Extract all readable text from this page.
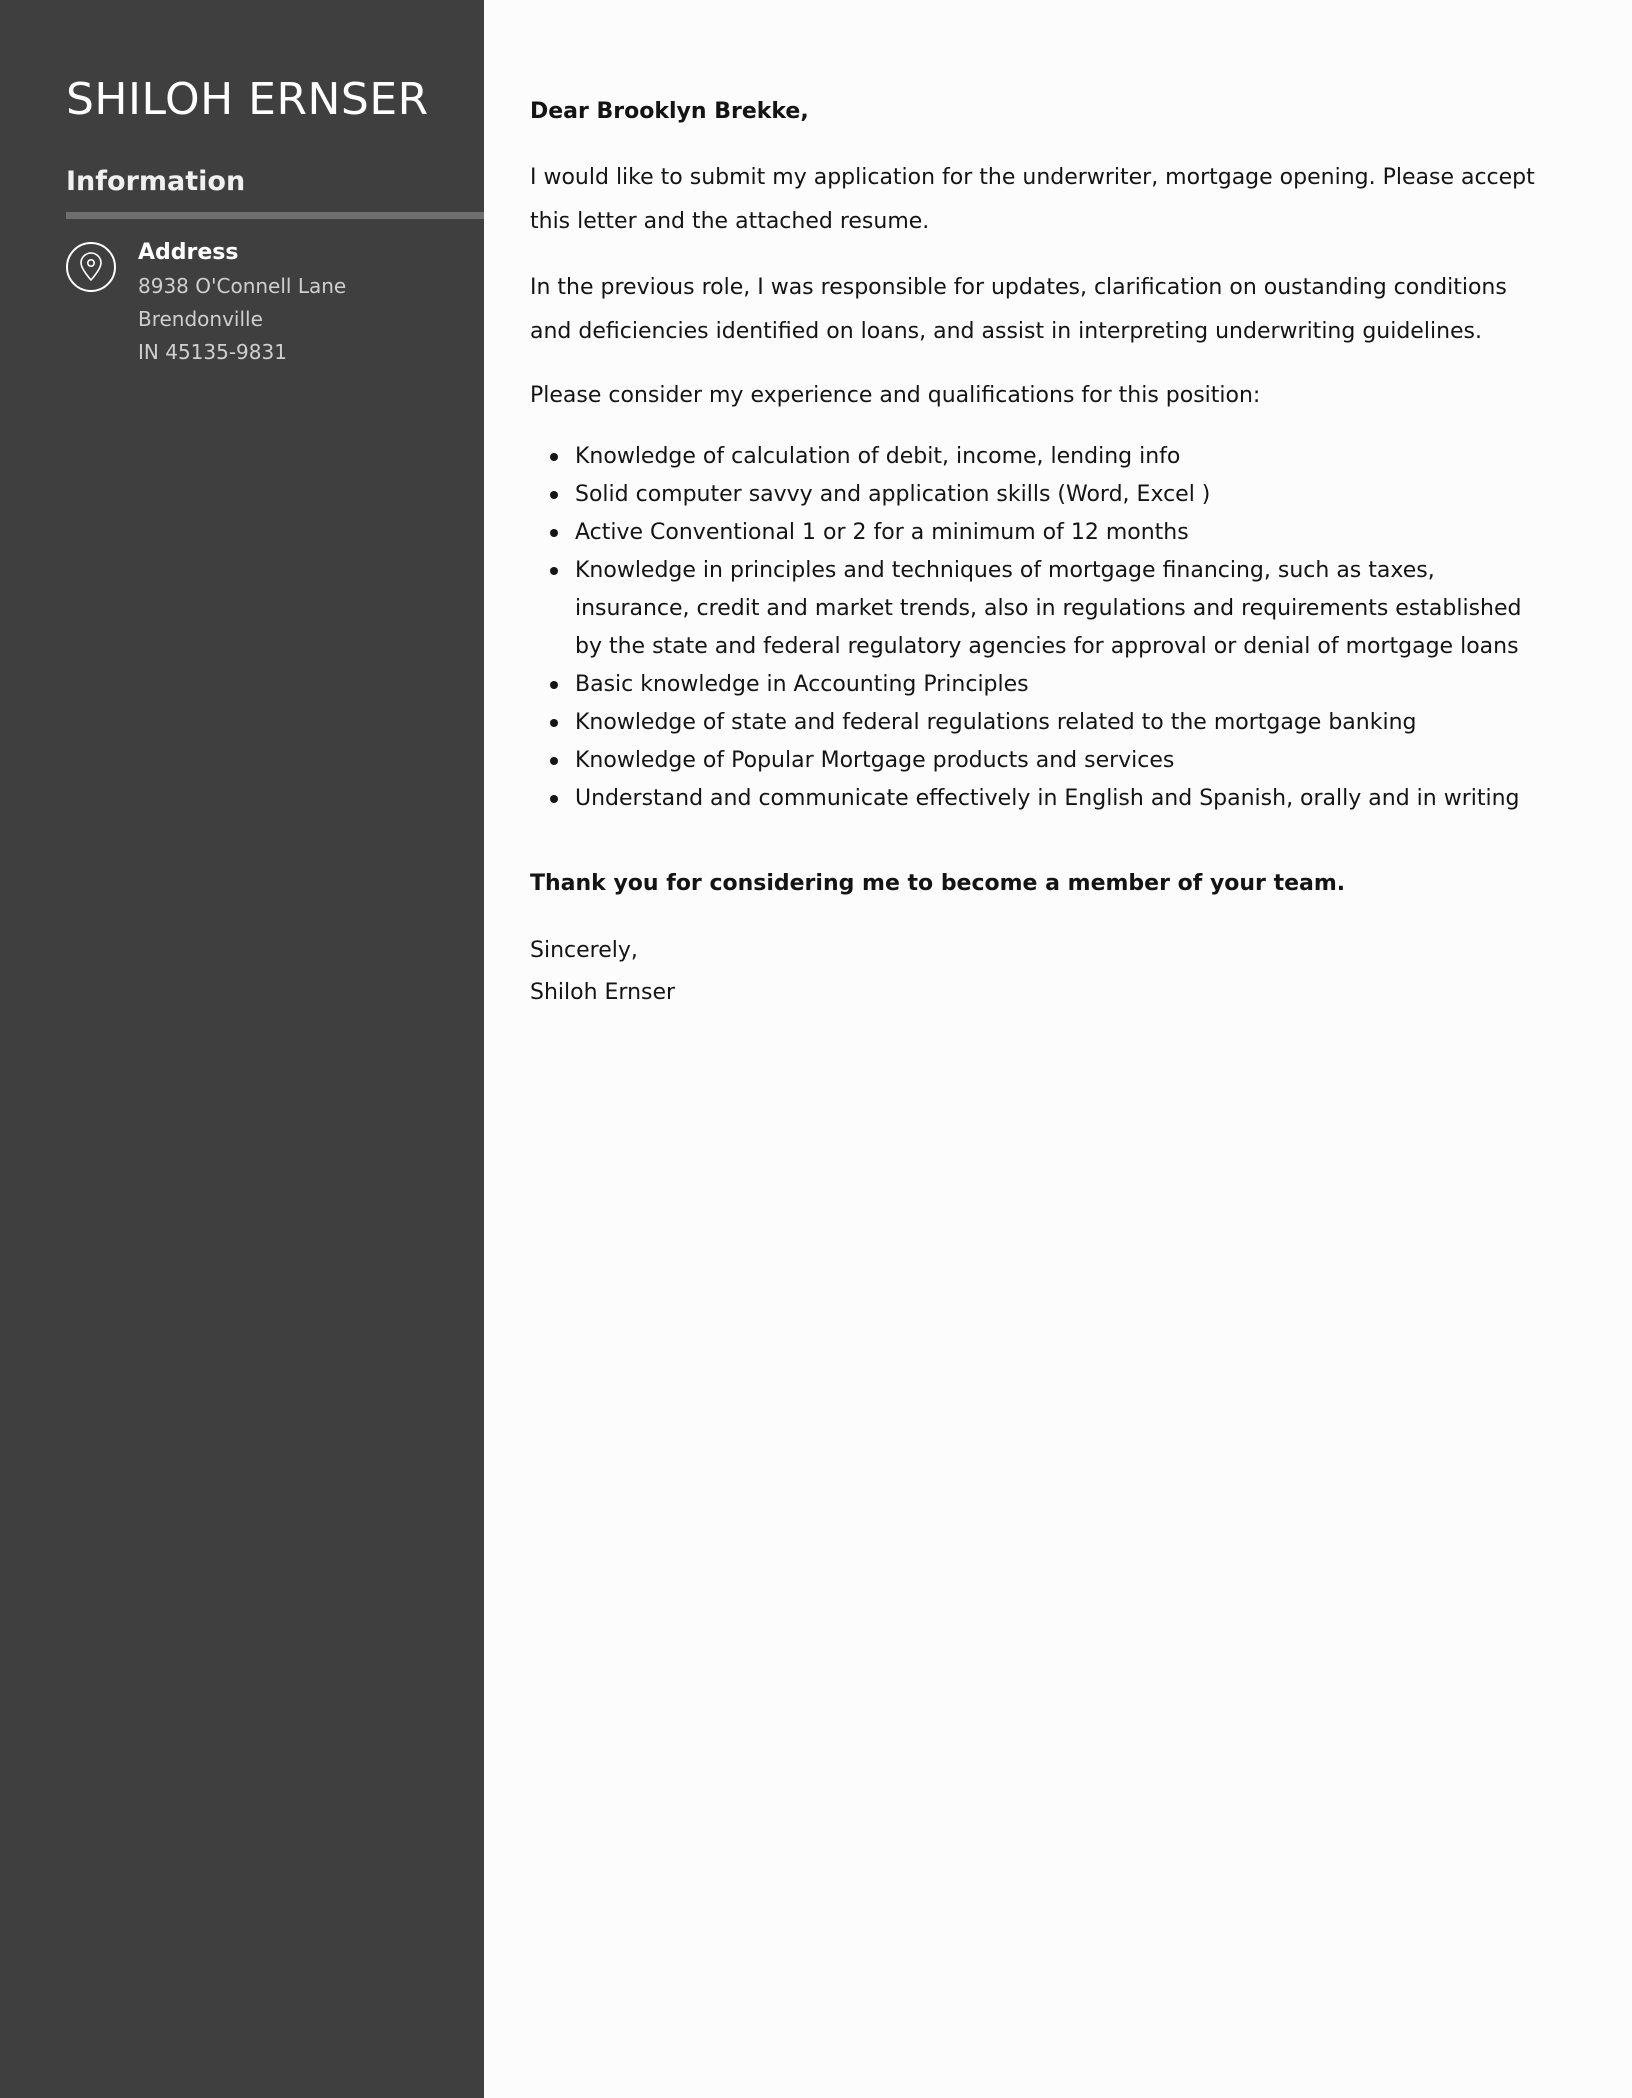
SHILOH ERNSER
Information
Address
8938 O'Connell Lane
Brendonville
IN 45135-9831

Dear Brooklyn Brekke,

I would like to submit my application for the underwriter, mortgage opening. Please accept this letter and the attached resume.

In the previous role, I was responsible for updates, clarification on oustanding conditions and deficiencies identified on loans, and assist in interpreting underwriting guidelines.

Please consider my experience and qualifications for this position:

Knowledge of calculation of debit, income, lending info
Solid computer savvy and application skills (Word, Excel )
Active Conventional 1 or 2 for a minimum of 12 months
Knowledge in principles and techniques of mortgage financing, such as taxes, insurance, credit and market trends, also in regulations and requirements established by the state and federal regulatory agencies for approval or denial of mortgage loans
Basic knowledge in Accounting Principles
Knowledge of state and federal regulations related to the mortgage banking
Knowledge of Popular Mortgage products and services
Understand and communicate effectively in English and Spanish, orally and in writing

Thank you for considering me to become a member of your team.

Sincerely,

Shiloh Ernser
